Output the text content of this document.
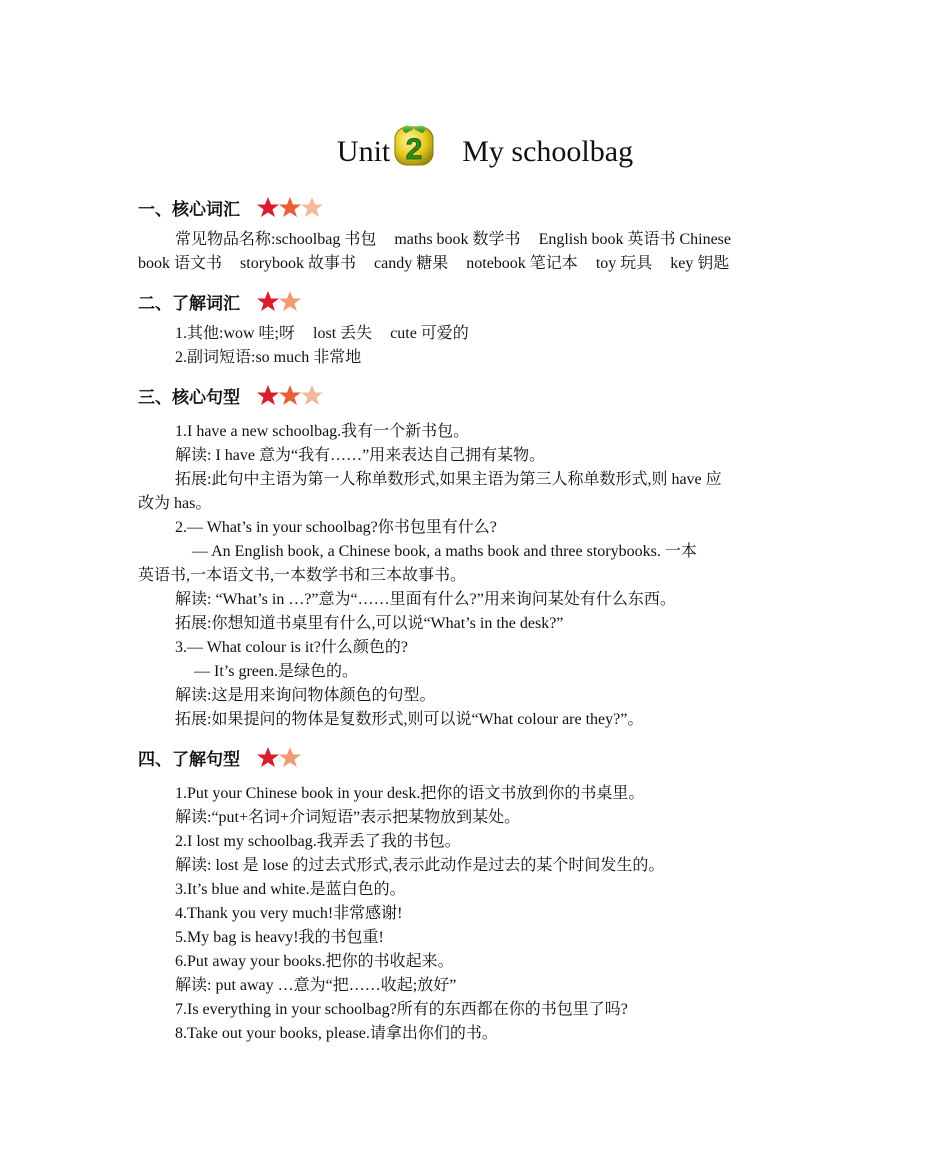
Unit 2 My schoolbag
一、核心词汇

常见物品名称:schoolbag 书包 maths book 数学书 English book 英语书 Chinese

book 语文书 storybook 故事书 candy 糖果 notebook 笔记本 toy 玩具 key 钥匙

二、了解词汇

1.其他:wow 哇;呀 lost 丢失 cute 可爱的

2.副词短语:so much 非常地

三、核心句型

1.I have a new schoolbag.我有一个新书包。

解读: I have 意为“我有……”用来表达自己拥有某物。

拓展:此句中主语为第一人称单数形式,如果主语为第三人称单数形式,则 have 应

改为 has。

2.— What’s in your schoolbag?你书包里有什么?

— An English book, a Chinese book, a maths book and three storybooks. 一本

英语书,一本语文书,一本数学书和三本故事书。

解读: “What’s in …?”意为“……里面有什么?”用来询问某处有什么东西。

拓展:你想知道书桌里有什么,可以说“What’s in the desk?”

3.— What colour is it?什么颜色的?

— It’s green.是绿色的。

解读:这是用来询问物体颜色的句型。

拓展:如果提问的物体是复数形式,则可以说“What colour are they?”。

四、了解句型

1.Put your Chinese book in your desk.把你的语文书放到你的书桌里。

解读:“put+名词+介词短语”表示把某物放到某处。

2.I lost my schoolbag.我弄丢了我的书包。

解读: lost 是 lose 的过去式形式,表示此动作是过去的某个时间发生的。

3.It’s blue and white.是蓝白色的。

4.Thank you very much!非常感谢!

5.My bag is heavy!我的书包重!

6.Put away your books.把你的书收起来。

解读: put away …意为“把……收起;放好”

7.Is everything in your schoolbag?所有的东西都在你的书包里了吗?

8.Take out your books, please.请拿出你们的书。
